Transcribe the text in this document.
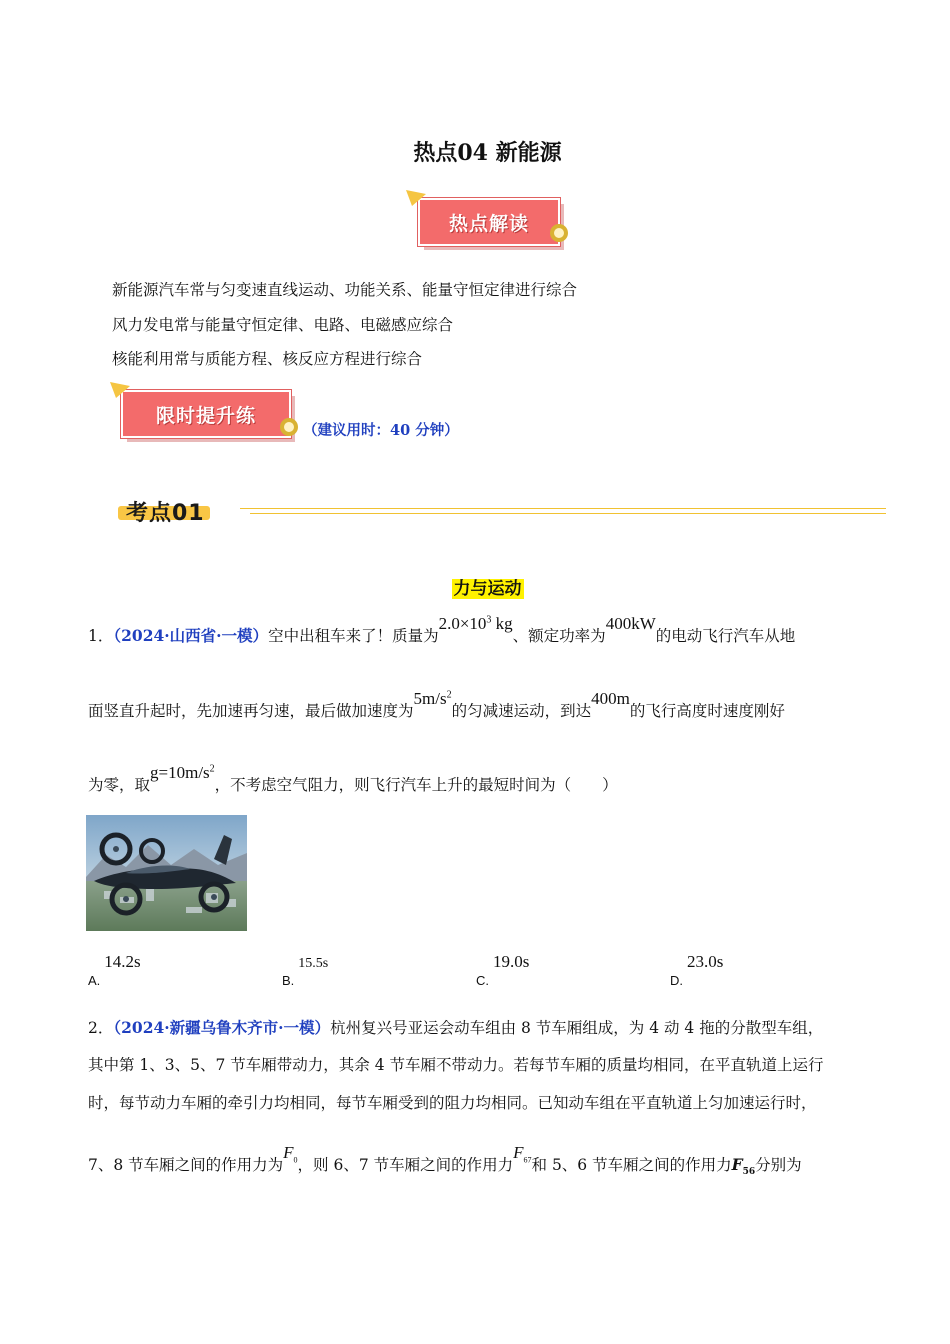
热点04 新能源
热点解读
新能源汽车常与匀变速直线运动、功能关系、能量守恒定律进行综合
风力发电常与能量守恒定律、电路、电磁感应综合
核能利用常与质能方程、核反应方程进行综合
限时提升练
（建议用时：40 分钟）
考点01
力与运动
1．（2024·山西省·一模）空中出租车来了！质量为$2.0\times 10^3$ kg、额定功率为400kW的电动飞行汽车从地
面竖直升起时，先加速再匀速，最后做加速度为$5m/s^2$的匀减速运动，到达400m的飞行高度时速度刚好
为零，取$g=10m/s^2$，不考虑空气阻力，则飞行汽车上升的最短时间为（　　）
$_{A.}$14.2s
$_{B.}$15.5s
$_{C.}$19.0s
$_{D.}$23.0s
2．（2024·新疆乌鲁木齐市·一模）杭州复兴号亚运会动车组由 8 节车厢组成，为 4 动 4 拖的分散型车组，
其中第 1、3、5、7 节车厢带动力，其余 4 节车厢不带动力。若每节车厢的质量均相同，在平直轨道上运行
时，每节动力车厢的牵引力均相同，每节车厢受到的阻力均相同。已知动车组在平直轨道上匀加速运行时，
7、8 节车厢之间的作用力为$F_0$，则 6、7 节车厢之间的作用力$F_{67}$和 5、6 节车厢之间的作用力$F_{56}$分别为
